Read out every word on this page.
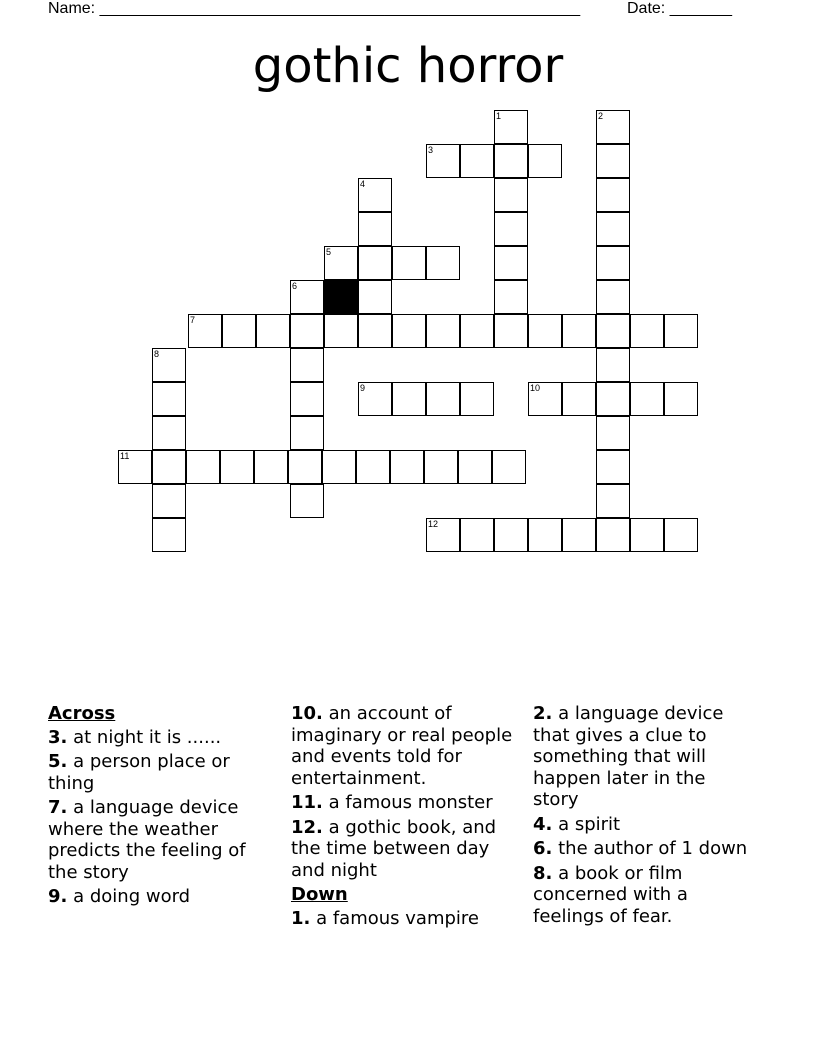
Name: ______________________________________________________	Date: _______
gothic horror
1	2
3
4
5
6
7
8
9	10
11
12
Across
3. at night it is ......
5. a person place or thing
7. a language device where the weather predicts the feeling of the story
9. a doing word
10. an account of imaginary or real people and events told for entertainment.
11. a famous monster
12. a gothic book, and the time between day and night
Down
1. a famous vampire
2. a language device that gives a clue to something that will happen later in the story
4. a spirit
6. the author of 1 down
8. a book or film concerned with a feelings of fear.
